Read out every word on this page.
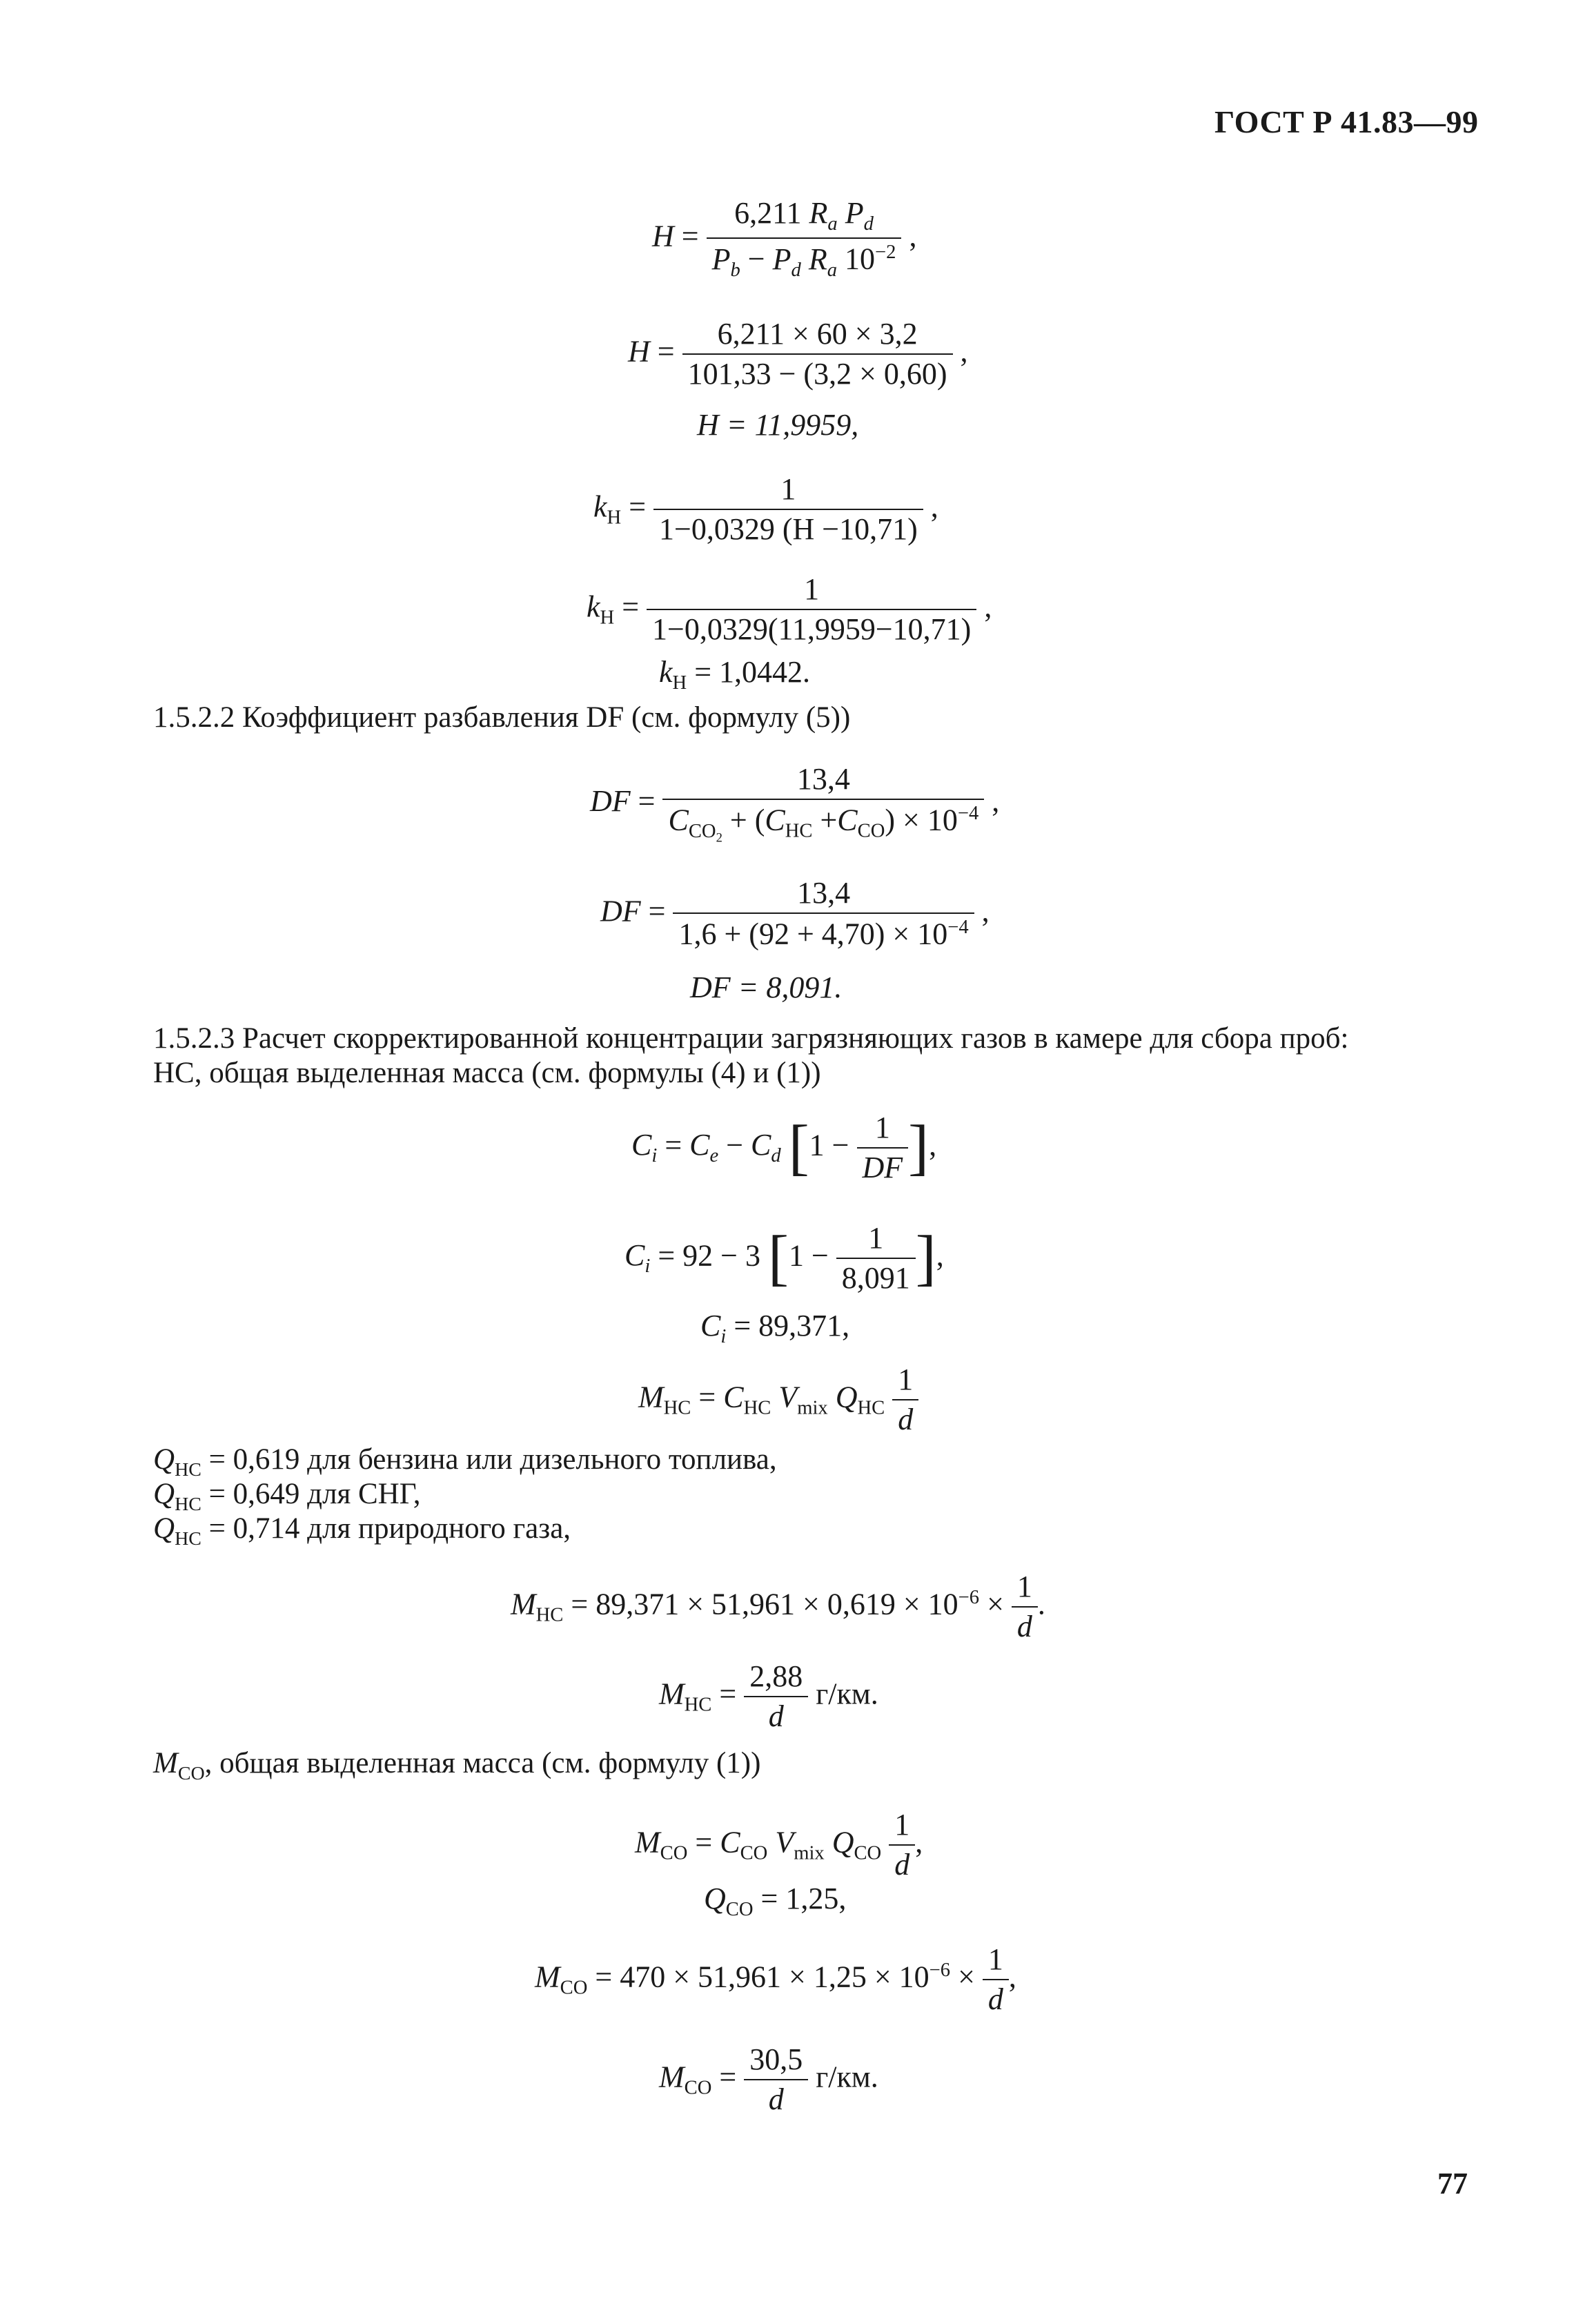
ГОСТ Р 41.83—99
$H = \frac{6,211 R_a P_d}{P_b - P_d R_a 10^{-2}}$ ,
$H = \frac{6,211 \times 60 \times 3,2}{101,33 - (3,2 \times 0,60)}$ ,
H = 11,9959,
$k_H = \frac{1}{1-0,0329 (H -10,71)}$ ,
$k_H = \frac{1}{1-0,0329(11,9959-10,71)}$ ,
$k_H = 1,0442$.
1.5.2.2 Коэффициент разбавления DF (см. формулу (5))
DF = $\frac{13,4}{C_{CO_2} + (C_{HC} +C_{CO}) \times 10^{-4}}$ ,
DF = $\frac{13,4}{1,6 + (92 + 4,70) \times 10^{-4}}$ ,
DF = 8,091.
1.5.2.3 Расчет скорректированной концентрации загрязняющих газов в камере для сбора проб:
HC, общая выделенная масса (см. формулы (4) и (1))
$C_i = C_e - C_d$ [$1 - \frac{1}{DF}$ ],
$C_i = 92 - 3$ [$1 - \frac{1}{8,091}$ ],
$C_i = 89,371$,
$M_{HC} = C_{HC}$ $V_{mix}$ $Q_{HC} \frac{1}{d}$
$Q_{HC} = 0,619$ для бензина или дизельного топлива,
$Q_{HC} = 0,649$ для СНГ,
$Q_{HC} = 0,714$ для природного газа,
$M_{HC} = 89,371 \times 51,961 \times 0,619 \times 10^{-6} \times \frac{1}{d}$ .
$M_{HC} = \frac{2,88}{d} г/км$.
$M_{CO}$, общая выделенная масса (см. формулу (1))
$M_{CO} = C_{CO}$ $V_{mix}$ $Q_{CO} \frac{1}{d}$ ,
$Q_{CO} = 1,25$,
$M_{CO} = 470 \times 51,961 \times 1,25 \times 10^{-6} \times \frac{1}{d}$ ,
$M_{CO} = \frac{30,5}{d} г/км$.
77
